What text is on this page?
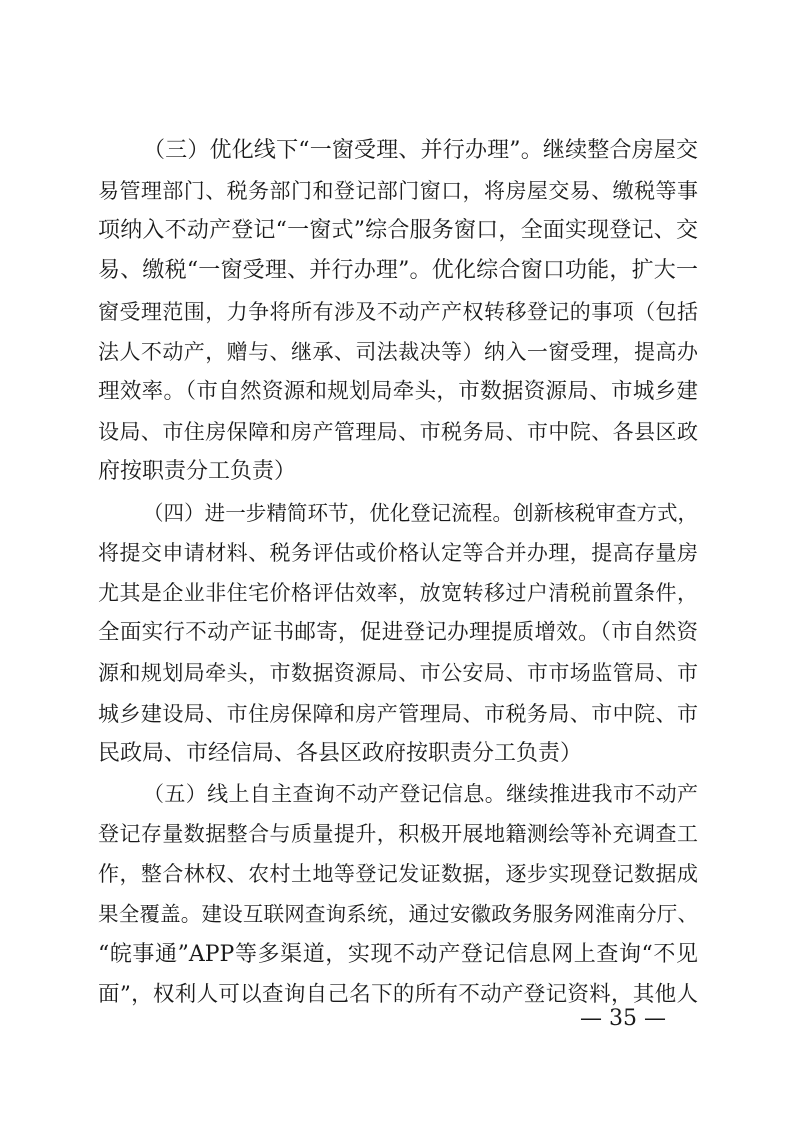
（三）优化线下“一窗受理、并行办理”。继续整合房屋交
易管理部门、税务部门和登记部门窗口，将房屋交易、缴税等事
项纳入不动产登记“一窗式”综合服务窗口，全面实现登记、交
易、缴税“一窗受理、并行办理”。优化综合窗口功能，扩大一
窗受理范围，力争将所有涉及不动产产权转移登记的事项（包括
法人不动产，赠与、继承、司法裁决等）纳入一窗受理，提高办
理效率。（市自然资源和规划局牵头，市数据资源局、市城乡建
设局、市住房保障和房产管理局、市税务局、市中院、各县区政
府按职责分工负责）
（四）进一步精简环节，优化登记流程。创新核税审查方式，
将提交申请材料、税务评估或价格认定等合并办理，提高存量房
尤其是企业非住宅价格评估效率，放宽转移过户清税前置条件，
全面实行不动产证书邮寄，促进登记办理提质增效。（市自然资
源和规划局牵头，市数据资源局、市公安局、市市场监管局、市
城乡建设局、市住房保障和房产管理局、市税务局、市中院、市
民政局、市经信局、各县区政府按职责分工负责）
（五）线上自主查询不动产登记信息。继续推进我市不动产
登记存量数据整合与质量提升，积极开展地籍测绘等补充调查工
作，整合林权、农村土地等登记发证数据，逐步实现登记数据成
果全覆盖。建设互联网查询系统，通过安徽政务服务网淮南分厅、
“皖事通”APP等多渠道，实现不动产登记信息网上查询“不见
面”，权利人可以查询自己名下的所有不动产登记资料，其他人
— 35 —
